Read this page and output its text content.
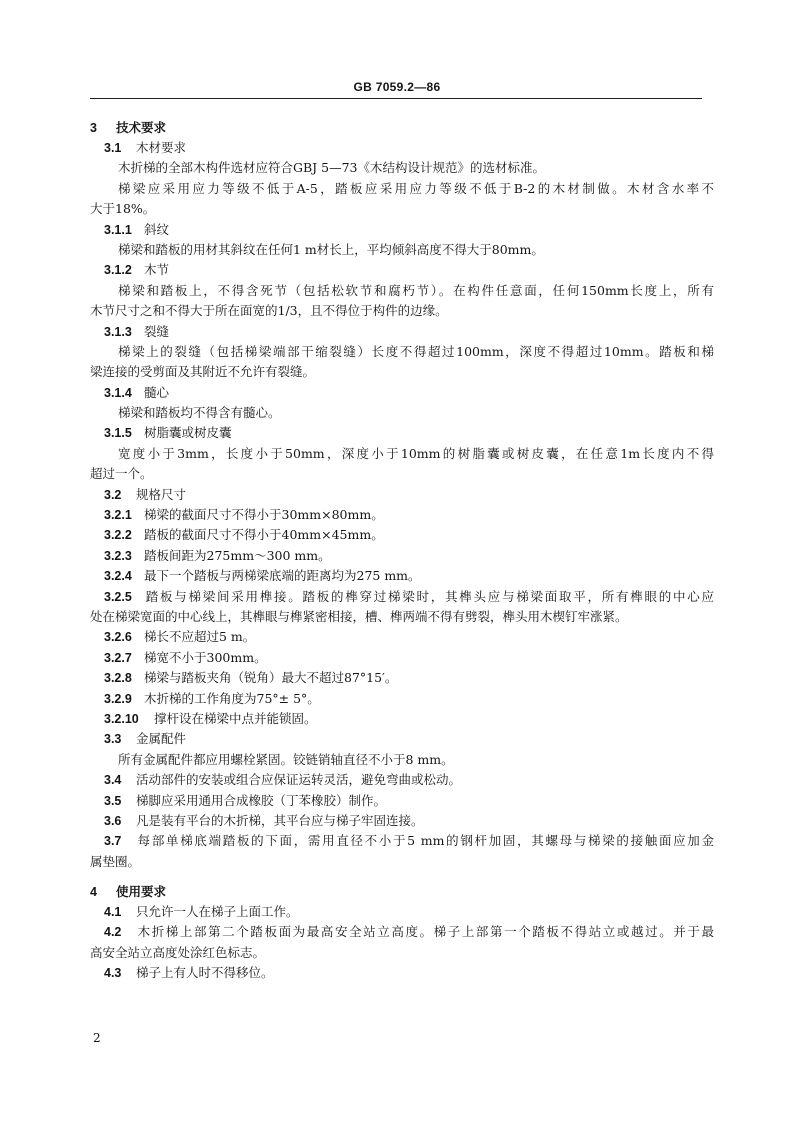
GB 7059.2—86
3 技术要求
3.1 木材要求
木折梯的全部木构件选材应符合GBJ 5—73《木结构设计规范》的选材标准。
梯梁应采用应力等级不低于A-5，踏板应采用应力等级不低于B-2的木材制做。木材含水率不
大于18%。
3.1.1 斜纹
梯梁和踏板的用材其斜纹在任何1 m材长上，平均倾斜高度不得大于80mm。
3.1.2 木节
梯梁和踏板上，不得含死节（包括松软节和腐朽节）。在构件任意面，任何150mm长度上，所有
木节尺寸之和不得大于所在面宽的1/3，且不得位于构件的边缘。
3.1.3 裂缝
梯梁上的裂缝（包括梯梁端部干缩裂缝）长度不得超过100mm，深度不得超过10mm。踏板和梯
梁连接的受剪面及其附近不允许有裂缝。
3.1.4 髓心
梯梁和踏板均不得含有髓心。
3.1.5 树脂囊或树皮囊
宽度小于3mm，长度小于50mm，深度小于10mm的树脂囊或树皮囊，在任意1m长度内不得
超过一个。
3.2 规格尺寸
3.2.1 梯梁的截面尺寸不得小于30mm×80mm。
3.2.2 踏板的截面尺寸不得小于40mm×45mm。
3.2.3 踏板间距为275mm～300 mm。
3.2.4 最下一个踏板与两梯梁底端的距离均为275 mm。
3.2.5 踏板与梯梁间采用榫接。踏板的榫穿过梯梁时，其榫头应与梯梁面取平，所有榫眼的中心应
处在梯梁宽面的中心线上，其榫眼与榫紧密相接，槽、榫两端不得有劈裂，榫头用木楔钉牢涨紧。
3.2.6 梯长不应超过5 m。
3.2.7 梯宽不小于300mm。
3.2.8 梯梁与踏板夹角（锐角）最大不超过87°15′。
3.2.9 木折梯的工作角度为75°± 5°。
3.2.10 撑杆设在梯梁中点并能锁固。
3.3 金属配件
所有金属配件都应用螺栓紧固。铰链销轴直径不小于8 mm。
3.4 活动部件的安装或组合应保证运转灵活，避免弯曲或松动。
3.5 梯脚应采用通用合成橡胶（丁苯橡胶）制作。
3.6 凡是装有平台的木折梯，其平台应与梯子牢固连接。
3.7 每部单梯底端踏板的下面，需用直径不小于5 mm的钢杆加固，其螺母与梯梁的接触面应加金
属垫圈。
4 使用要求
4.1 只允许一人在梯子上面工作。
4.2 木折梯上部第二个踏板面为最高安全站立高度。梯子上部第一个踏板不得站立或越过。并于最
高安全站立高度处涂红色标志。
4.3 梯子上有人时不得移位。
2
